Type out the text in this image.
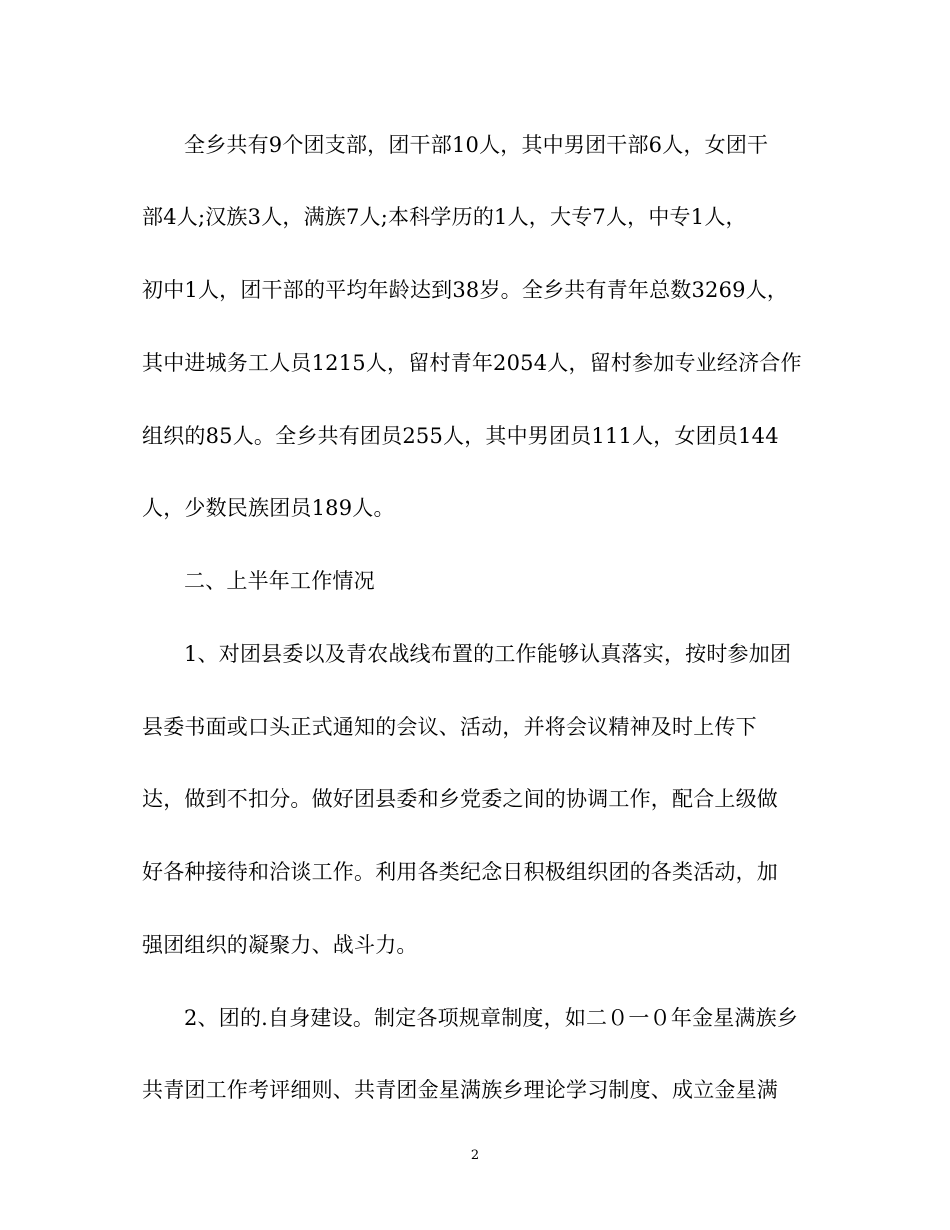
全乡共有9个团支部，团干部10人，其中男团干部6人，女团干
部4人;汉族3人，满族7人;本科学历的1人，大专7人，中专1人，
初中1人，团干部的平均年龄达到38岁。全乡共有青年总数3269人，
其中进城务工人员1215人，留村青年2054人，留村参加专业经济合作
组织的85人。全乡共有团员255人，其中男团员111人，女团员144
人，少数民族团员189人。
二、上半年工作情况
1、对团县委以及青农战线布置的工作能够认真落实，按时参加团
县委书面或口头正式通知的会议、活动，并将会议精神及时上传下
达，做到不扣分。做好团县委和乡党委之间的协调工作，配合上级做
好各种接待和洽谈工作。利用各类纪念日积极组织团的各类活动，加
强团组织的凝聚力、战斗力。
2、团的.自身建设。制定各项规章制度，如二０一０年金星满族乡
共青团工作考评细则、共青团金星满族乡理论学习制度、成立金星满
2
